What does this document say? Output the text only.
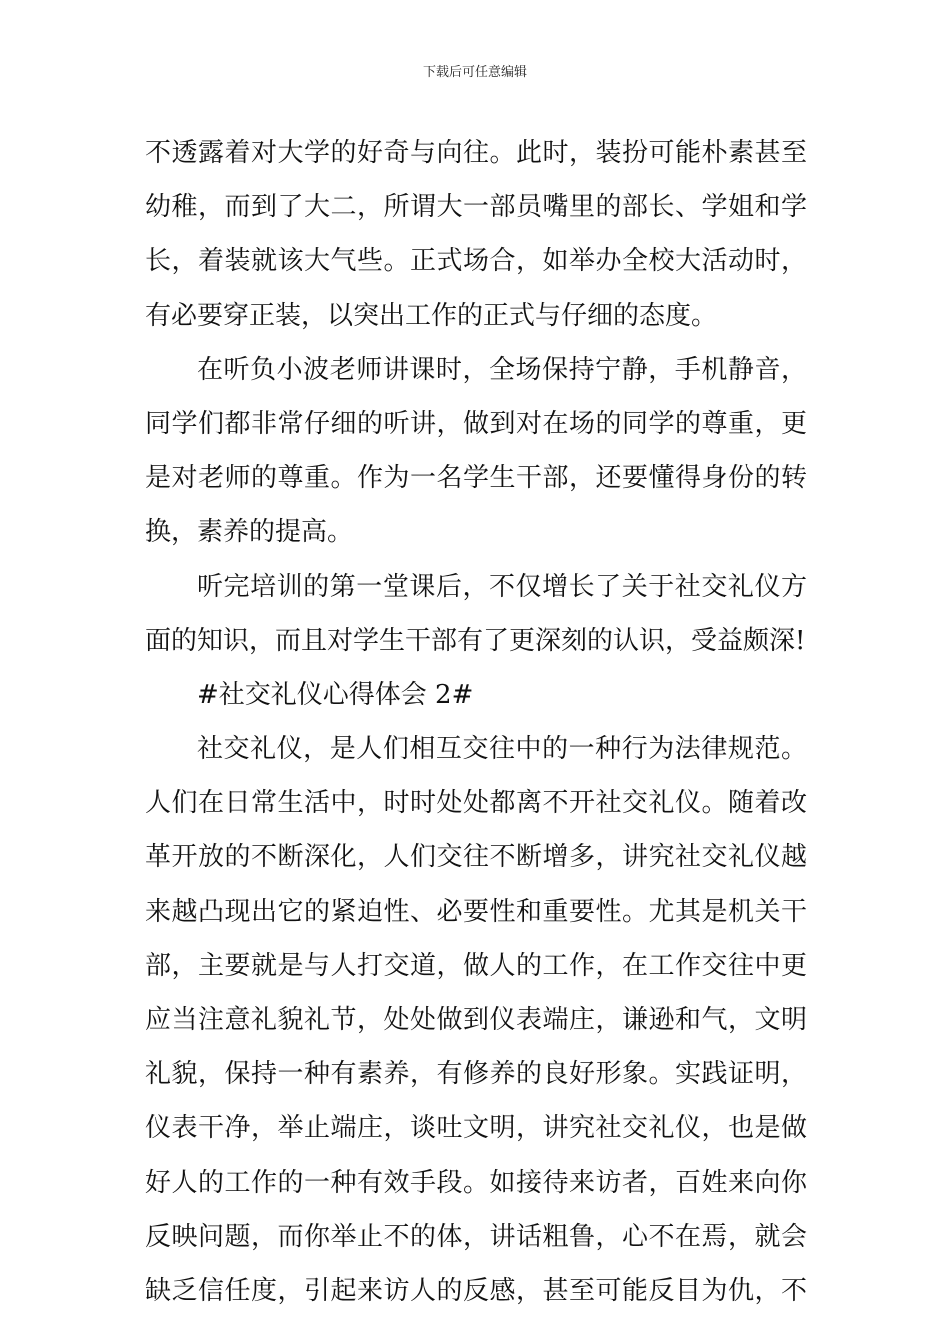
下载后可任意编辑
不透露着对大学的好奇与向往。此时，装扮可能朴素甚至
幼稚，而到了大二，所谓大一部员嘴里的部长、学姐和学
长，着装就该大气些。正式场合，如举办全校大活动时，
有必要穿正装，以突出工作的正式与仔细的态度。
在听负小波老师讲课时，全场保持宁静，手机静音，
同学们都非常仔细的听讲，做到对在场的同学的尊重，更
是对老师的尊重。作为一名学生干部，还要懂得身份的转
换，素养的提高。
听完培训的第一堂课后，不仅增长了关于社交礼仪方
面的知识，而且对学生干部有了更深刻的认识，受益颇深!
#社交礼仪心得体会 2#
社交礼仪，是人们相互交往中的一种行为法律规范。
人们在日常生活中，时时处处都离不开社交礼仪。随着改
革开放的不断深化，人们交往不断增多，讲究社交礼仪越
来越凸现出它的紧迫性、必要性和重要性。尤其是机关干
部，主要就是与人打交道，做人的工作，在工作交往中更
应当注意礼貌礼节，处处做到仪表端庄，谦逊和气，文明
礼貌，保持一种有素养，有修养的良好形象。实践证明，
仪表干净，举止端庄，谈吐文明，讲究社交礼仪，也是做
好人的工作的一种有效手段。如接待来访者，百姓来向你
反映问题，而你举止不的体，讲话粗鲁，心不在焉，就会
缺乏信任度，引起来访人的反感，甚至可能反目为仇，不
